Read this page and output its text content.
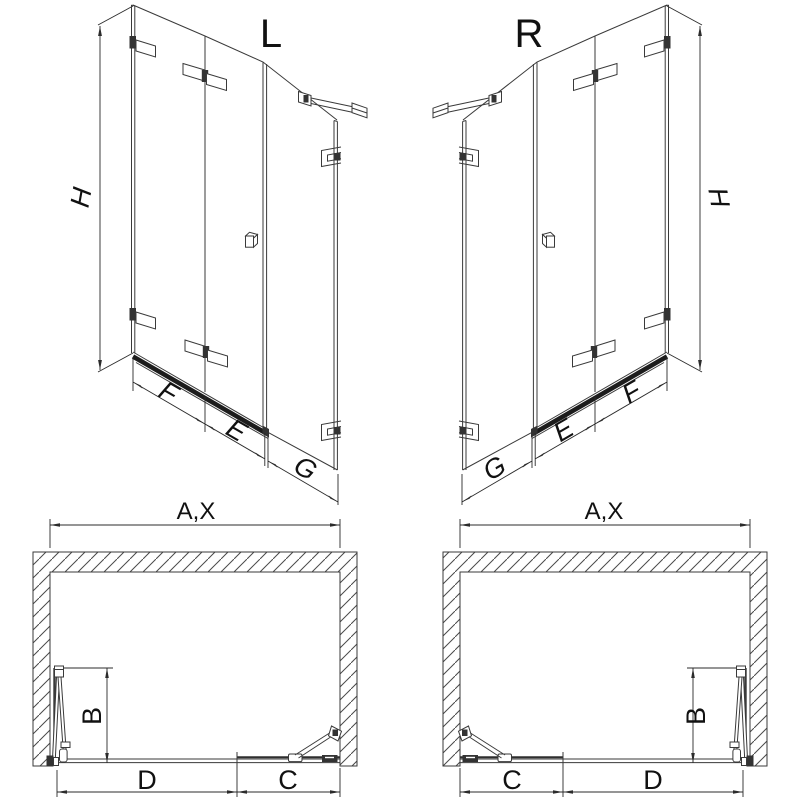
L
H
F
E
G
R
H
F
E
G
A,X
B
D	C
A,X
B
C	D
